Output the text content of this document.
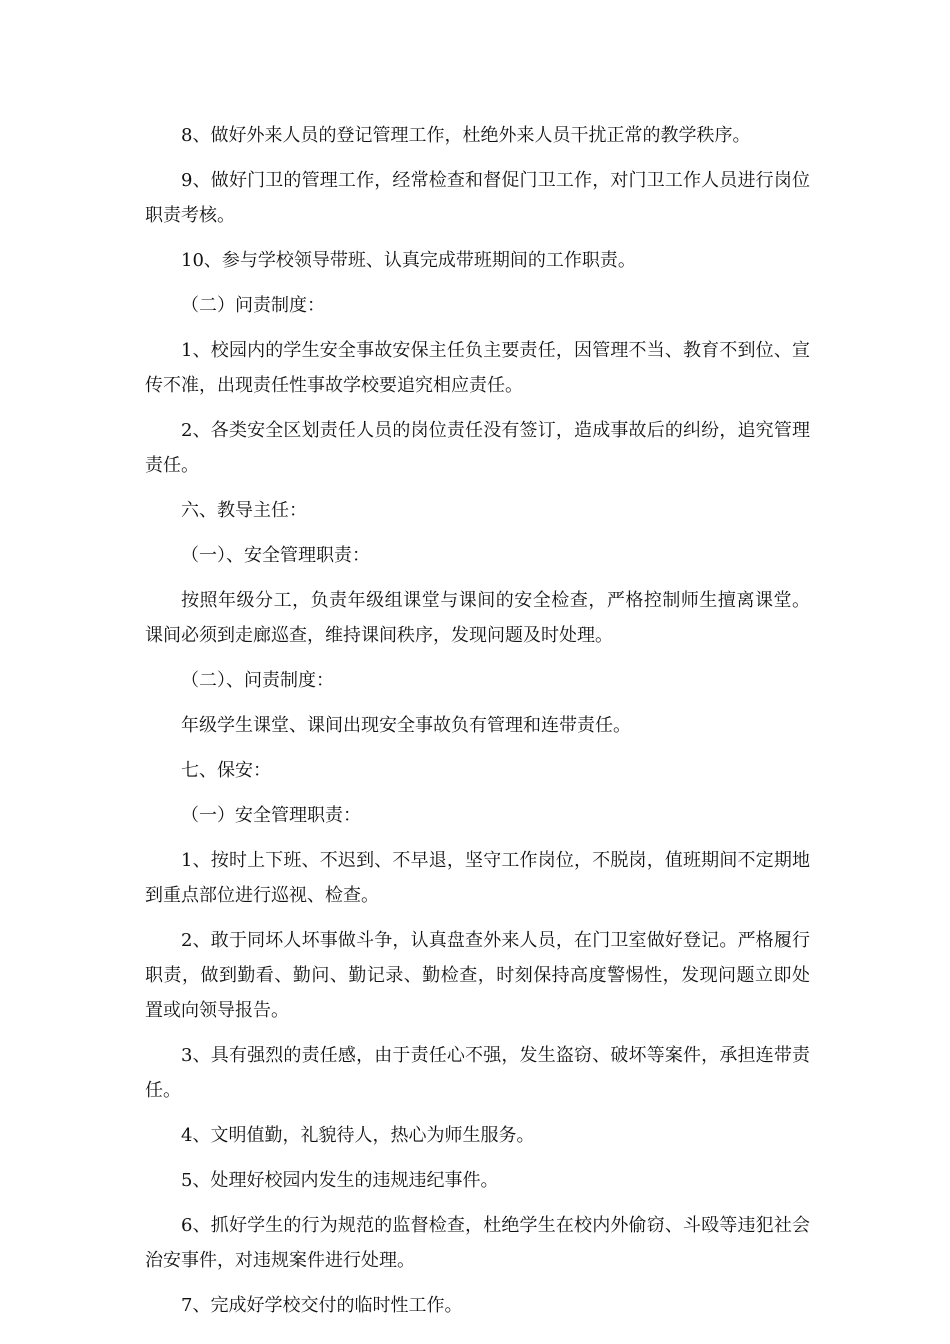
8、做好外来人员的登记管理工作，杜绝外来人员干扰正常的教学秩序。

9、做好门卫的管理工作，经常检查和督促门卫工作，对门卫工作人员进行岗位职责考核。

10、参与学校领导带班、认真完成带班期间的工作职责。

（二）问责制度：

1、校园内的学生安全事故安保主任负主要责任，因管理不当、教育不到位、宣传不准，出现责任性事故学校要追究相应责任。

2、各类安全区划责任人员的岗位责任没有签订，造成事故后的纠纷，追究管理责任。

六、教导主任：

（一）、安全管理职责：

按照年级分工，负责年级组课堂与课间的安全检查，严格控制师生擅离课堂。课间必须到走廊巡查，维持课间秩序，发现问题及时处理。

（二）、问责制度：

年级学生课堂、课间出现安全事故负有管理和连带责任。

七、保安：

（一）安全管理职责：

1、按时上下班、不迟到、不早退，坚守工作岗位，不脱岗，值班期间不定期地到重点部位进行巡视、检查。

2、敢于同坏人坏事做斗争，认真盘查外来人员，在门卫室做好登记。严格履行职责，做到勤看、勤问、勤记录、勤检查，时刻保持高度警惕性，发现问题立即处置或向领导报告。

3、具有强烈的责任感，由于责任心不强，发生盗窃、破坏等案件，承担连带责任。

4、文明值勤，礼貌待人，热心为师生服务。

5、处理好校园内发生的违规违纪事件。

6、抓好学生的行为规范的监督检查，杜绝学生在校内外偷窃、斗殴等违犯社会治安事件，对违规案件进行处理。

7、完成好学校交付的临时性工作。
